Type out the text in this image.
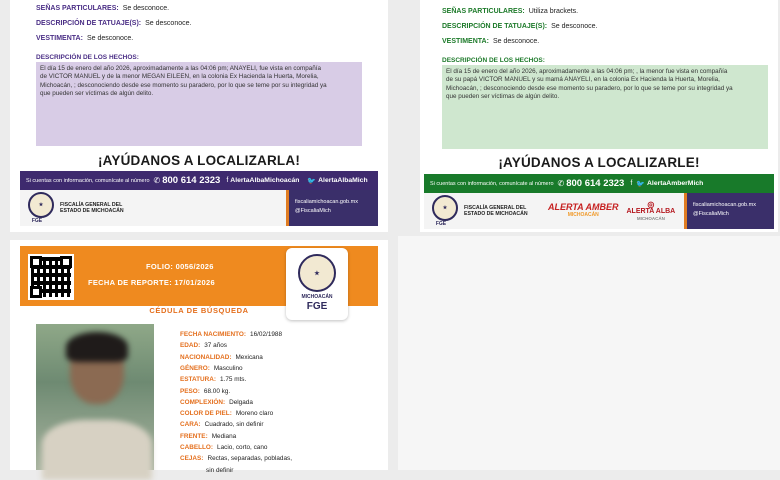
SEÑAS PARTICULARES: Se desconoce.
DESCRIPCIÓN DE TATUAJE(S): Se desconoce.
VESTIMENTA: Se desconoce.
DESCRIPCIÓN DE LOS HECHOS:
El día 15 de enero del año 2026, aproximadamente a las 04:06 pm; ANAYELI, fue vista en compañía
de VICTOR MANUEL y de la menor MEGAN EILEEN, en la colonia Ex Hacienda la Huerta, Morelia,
Michoacán, ; desconociendo desde ese momento su paradero, por lo que se teme por su integridad ya
que pueden ser víctimas de algún delito.
¡AYÚDANOS A LOCALIZARLA!
Si cuentas con información, comunícate al número ✆ 800 614 2323 f AlertaAlbaMichoacán 🐦 AlertaAlbaMich
★
FGE
FISCALÍA GENERAL DEL ESTADO DE MICHOACÁN
fiscaliamichoacan.gob.mx
@FiscaliaMich
SEÑAS PARTICULARES: Utiliza brackets.
DESCRIPCIÓN DE TATUAJE(S): Se desconoce.
VESTIMENTA: Se desconoce.
DESCRIPCIÓN DE LOS HECHOS:
El día 15 de enero del año 2026, aproximadamente a las 04:06 pm; , la menor fue vista en compañía
de su papá VICTOR MANUEL y su mamá ANAYELI, en la colonia Ex Hacienda la Huerta, Morelia,
Michoacán, ; desconociendo desde ese momento su paradero, por lo que se teme por su integridad ya
que pueden ser víctimas de algún delito.
¡AYÚDANOS A LOCALIZARLE!
Si cuentas con información, comunícate al número ✆ 800 614 2323 f 🐦 AlertaAmberMich
★
FGE
FISCALÍA GENERAL DEL ESTADO DE MICHOACÁN
ALERTA AMBER
MICHOACÁN
◎
ALERTA ALBA
MICHOACÁN
fiscaliamichoacan.gob.mx
@FiscaliaMich
FOLIO: 0056/2026
FECHA DE REPORTE: 17/01/2026
CÉDULA DE BÚSQUEDA
★
MICHOACÁN
FGE
FECHA NACIMIENTO: 16/02/1988
EDAD: 37 años
NACIONALIDAD: Mexicana
GÉNERO: Masculino
ESTATURA: 1.75 mts.
PESO: 68.00 kg.
COMPLEXIÓN: Delgada
COLOR DE PIEL: Moreno claro
CARA: Cuadrado, sin definir
FRENTE: Mediana
CABELLO: Lacio, corto, cano
CEJAS: Rectas, separadas, pobladas,
sin definir
